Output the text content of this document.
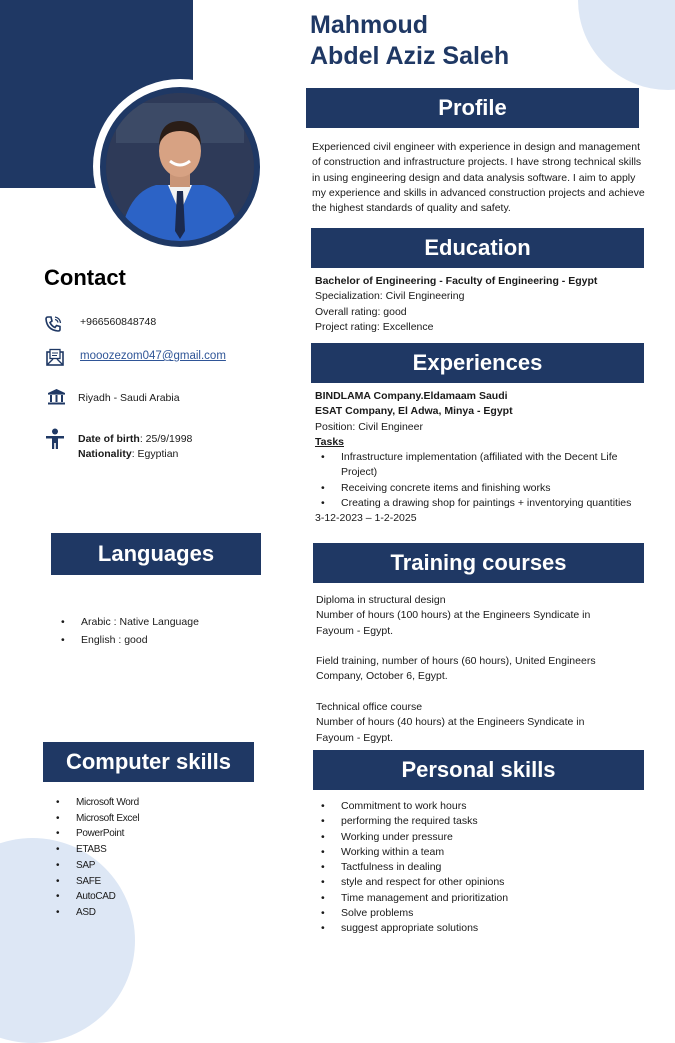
Mahmoud
Abdel Aziz Saleh
Profile
Experienced civil engineer with experience in design and management
of construction and infrastructure projects. I have strong technical skills
in using engineering design and data analysis software. I aim to apply
my experience and skills in advanced construction projects and achieve
the highest standards of quality and safety.
Education
Bachelor of Engineering - Faculty of Engineering - Egypt
Specialization: Civil Engineering
Overall rating: good
Project rating: Excellence
Experiences
BINDLAMA Company.Eldamaam Saudi
ESAT Company, El Adwa, Minya - Egypt
Position: Civil Engineer
Tasks
• Infrastructure implementation (affiliated with the Decent Life Project)
• Receiving concrete items and finishing works
• Creating a drawing shop for paintings + inventorying quantities
3-12-2023 – 1-2-2025
Training courses
Diploma in structural design
Number of hours (100 hours) at the Engineers Syndicate in
Fayoum - Egypt.
Field training, number of hours (60 hours), United Engineers
Company, October 6, Egypt.
Technical office course
Number of hours (40 hours) at the Engineers Syndicate in
Fayoum - Egypt.
Personal skills
• Commitment to work hours
• performing the required tasks
• Working under pressure
• Working within a team
• Tactfulness in dealing
• style and respect for other opinions
• Time management and prioritization
• Solve problems
• suggest appropriate solutions
Contact
+966560848748
mooozezom047@gmail.com
Riyadh - Saudi Arabia
Date of birth: 25/9/1998
Nationality: Egyptian
Languages
• Arabic : Native Language
• English : good
Computer skills
• Microsoft Word
• Microsoft Excel
• PowerPoint
• ETABS
• SAP
• SAFE
• AutoCAD
• ASD
